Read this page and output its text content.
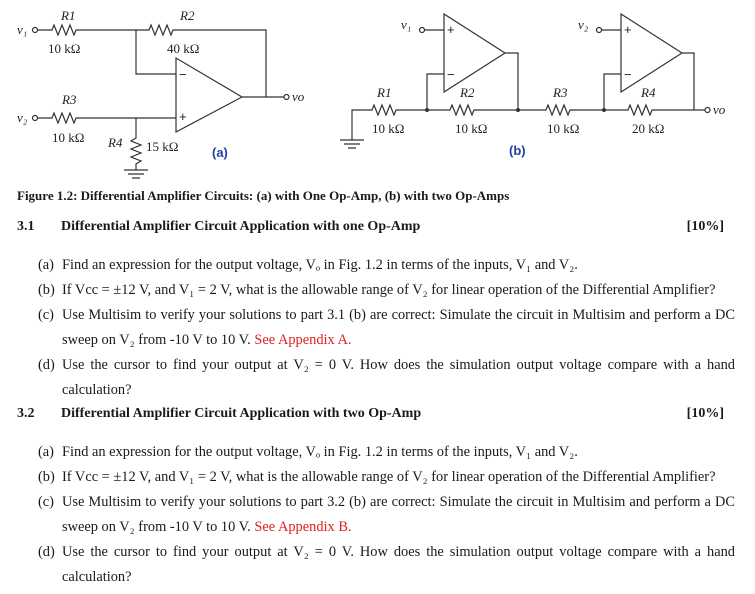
v₁
R1
10 kΩ
R2
40 kΩ
−
+
vo
v₂
R3
10 kΩ R4 15 kΩ	(a)
v₁	+
−
v₂	+
−
vo
R1
10 kΩ
R2
10 kΩ
R3
10 kΩ
R4
20 kΩ
(b)
Figure 1.2: Differential Amplifier Circuits: (a) with One Op-Amp, (b) with two Op-Amps
3.1 Differential Amplifier Circuit Application with one Op-Amp	[10%]
(a) Find an expression for the output voltage, Vₒ in Fig. 1.2 in terms of the inputs, V₁ and V₂.
(b) If Vcc = ±12 V, and V₁ = 2 V, what is the allowable range of V₂ for linear operation of the Differential Amplifier?
(c) Use Multisim to verify your solutions to part 3.1 (b) are correct: Simulate the circuit in Multisim and perform a DC sweep on V₂ from -10 V to 10 V. See Appendix A.
(d) Use the cursor to find your output at V₂ = 0 V. How does the simulation output voltage compare with a hand calculation?
3.2 Differential Amplifier Circuit Application with two Op-Amp	[10%]
(a) Find an expression for the output voltage, Vₒ in Fig. 1.2 in terms of the inputs, V₁ and V₂.
(b) If Vcc = ±12 V, and V₁ = 2 V, what is the allowable range of V₂ for linear operation of the Differential Amplifier?
(c) Use Multisim to verify your solutions to part 3.2 (b) are correct: Simulate the circuit in Multisim and perform a DC sweep on V₂ from -10 V to 10 V. See Appendix B.
(d) Use the cursor to find your output at V₂ = 0 V. How does the simulation output voltage compare with a hand calculation?
